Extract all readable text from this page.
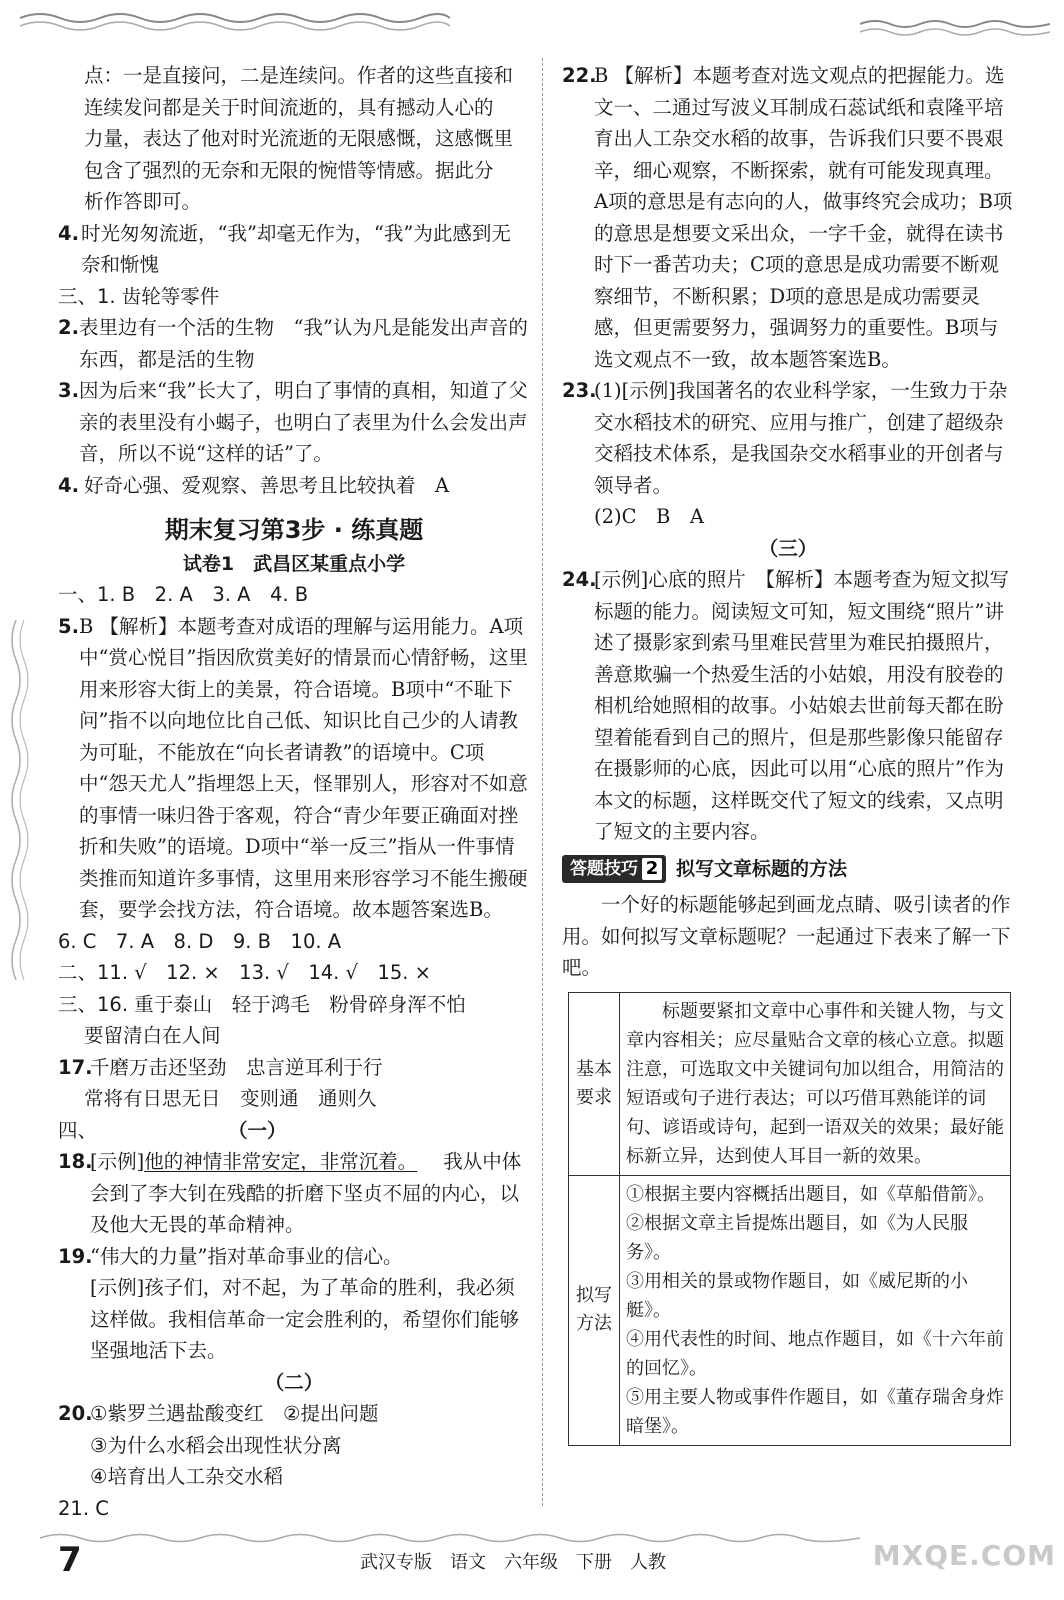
点：一是直接问，二是连续问。作者的这些直接和

连续发问都是关于时间流逝的，具有撼动人心的

力量，表达了他对时光流逝的无限感慨，这感慨里

包含了强烈的无奈和无限的惋惜等情感。据此分

析作答即可。

4. 时光匆匆流逝，“我”却毫无作为，“我”为此感到无奈和惭愧

三、1. 齿轮等零件

2. 表里边有一个活的生物　“我”认为凡是能发出声音的东西，都是活的生物
3. 因为后来“我”长大了，明白了事情的真相，知道了父亲的表里没有小蝎子，也明白了表里为什么会发出声音，所以不说“这样的话”了。
4. 好奇心强、爱观察、善思考且比较执着　A

期末复习第3步 · 练真题

试卷1　武昌区某重点小学

一、1. B　2. A　3. A　4. B

5. B 【解析】本题考查对成语的理解与运用能力。A项中“赏心悦目”指因欣赏美好的情景而心情舒畅，这里用来形容大街上的美景，符合语境。B项中“不耻下问”指不以向地位比自己低、知识比自己少的人请教为可耻，不能放在“向长者请教”的语境中。C项中“怨天尤人”指埋怨上天，怪罪别人，形容对不如意的事情一味归咎于客观，符合“青少年要正确面对挫折和失败”的语境。D项中“举一反三”指从一件事情类推而知道许多事情，这里用来形容学习不能生搬硬套，要学会找方法，符合语境。故本题答案选B。

6. C　7. A　8. D　9. B　10. A

二、11. √　12. ×　13. √　14. √　15. ×

三、16. 重于泰山　轻于鸿毛　粉骨碎身浑不怕

要留清白在人间

17.
千磨万击还坚劲　忠言逆耳利于行

常将有日思无日　变则通　通则久

四、	（一）
18.
[示例]他的神情非常安定，非常沉着。 我从中体会到了李大钊在残酷的折磨下坚贞不屈的内心，以及他大无畏的革命精神。
19.
“伟大的力量”指对革命事业的信心。
[示例]孩子们，对不起，为了革命的胜利，我必须这样做。我相信革命一定会胜利的，希望你们能够坚强地活下去。

（二）

20.
①紫罗兰遇盐酸变红　②提出问题

③为什么水稻会出现性状分离

④培育出人工杂交水稻

21. C

22.
B 【解析】本题考查对选文观点的把握能力。选文一、二通过写波义耳制成石蕊试纸和袁隆平培育出人工杂交水稻的故事，告诉我们只要不畏艰辛，细心观察，不断探索，就有可能发现真理。A项的意思是有志向的人，做事终究会成功；B项的意思是想要文采出众，一字千金，就得在读书时下一番苦功夫；C项的意思是成功需要不断观察细节，不断积累；D项的意思是成功需要灵感，但更需要努力，强调努力的重要性。B项与选文观点不一致，故本题答案选B。
23.
(1)[示例]我国著名的农业科学家，一生致力于杂交水稻技术的研究、应用与推广，创建了超级杂交稻技术体系，是我国杂交水稻事业的开创者与领导者。

(2)C　B　A

（三）

24.
[示例]心底的照片　【解析】本题考查为短文拟写标题的能力。阅读短文可知，短文围绕“照片”讲述了摄影家到索马里难民营里为难民拍摄照片，善意欺骗一个热爱生活的小姑娘，用没有胶卷的相机给她照相的故事。小姑娘去世前每天都在盼望着能看到自己的照片，但是那些影像只能留存在摄影师的心底，因此可以用“心底的照片”作为本文的标题，这样既交代了短文的线索，又点明了短文的主要内容。
答题技巧 2 拟写文章标题的方法

一个好的标题能够起到画龙点睛、吸引读者的作用。如何拟写文章标题呢？一起通过下表来了解一下吧。

基本要求	标题要紧扣文章中心事件和关键人物，与文章内容相关；应尽量贴合文章的核心立意。拟题注意，可选取文中关键词句加以组合，用简洁的短语或句子进行表达；可以巧借耳熟能详的词句、谚语或诗句，起到一语双关的效果；最好能标新立异，达到使人耳目一新的效果。
拟写方法	①根据主要内容概括出题目，如《草船借箭》。
②根据文章主旨提炼出题目，如《为人民服务》。
③用相关的景或物作题目，如《威尼斯的小艇》。
④用代表性的时间、地点作题目，如《十六年前的回忆》。
⑤用主要人物或事件作题目，如《董存瑞舍身炸暗堡》。
7	武汉专版　语文　六年级　下册　人教	MXQE.COM
